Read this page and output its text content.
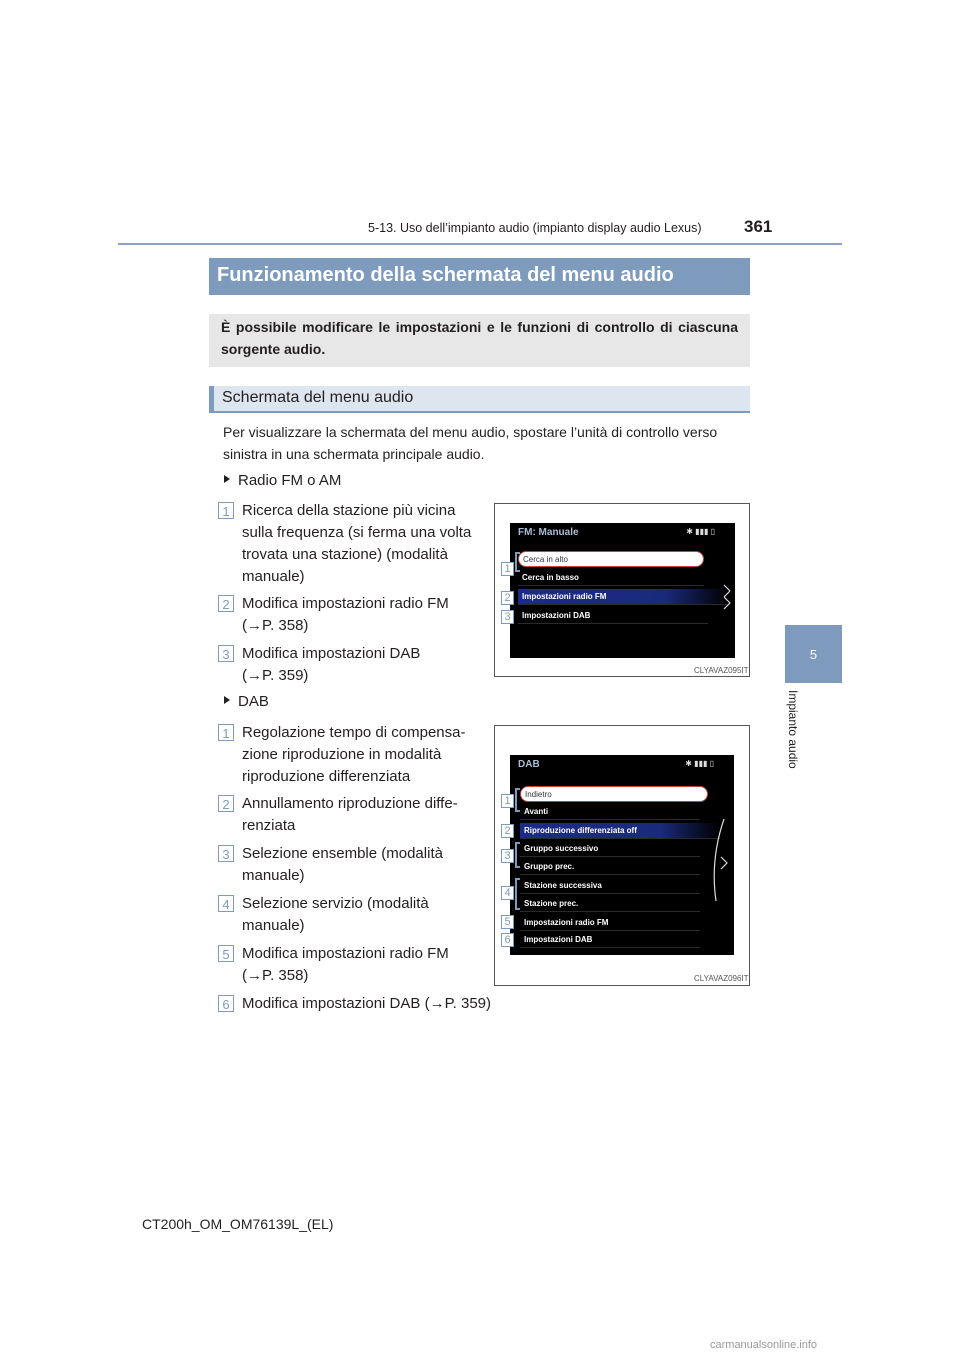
5-13. Uso dell’impianto audio (impianto display audio Lexus) 361
5
Impianto audio
Funzionamento della schermata del menu audio
È possibile modificare le impostazioni e le funzioni di controllo di ciascuna sorgente audio.
Schermata del menu audio
Per visualizzare la schermata del menu audio, spostare l’unità di controllo verso sinistra in una schermata principale audio.
Radio FM o AM
1 Ricerca della stazione più vicina
sulla frequenza (si ferma una volta
trovata una stazione) (modalità
manuale)
2 Modifica impostazioni radio FM
(→P. 358)
3 Modifica impostazioni DAB
(→P. 359)
FM: Manuale	✱ ▮▮▮ ▯
Cerca in alto
Cerca in basso
Impostazioni radio FM
Impostazioni DAB
1
2
3
CLYAVAZ095IT
DAB
1 Regolazione tempo di compensa-
zione riproduzione in modalità
riproduzione differenziata
2 Annullamento riproduzione diffe-
renziata
3 Selezione ensemble (modalità
manuale)
4 Selezione servizio (modalità
manuale)
5 Modifica impostazioni radio FM
(→P. 358)
6 Modifica impostazioni DAB (→P. 359)
DAB	✱ ▮▮▮ ▯
Indietro
Avanti
Riproduzione differenziata off
Gruppo successivo
Gruppo prec.
Stazione successiva
Stazione prec.
Impostazioni radio FM
Impostazioni DAB
1
2
3
4
5
6
CLYAVAZ096IT
CT200h_OM_OM76139L_(EL)
carmanualsonline.info
